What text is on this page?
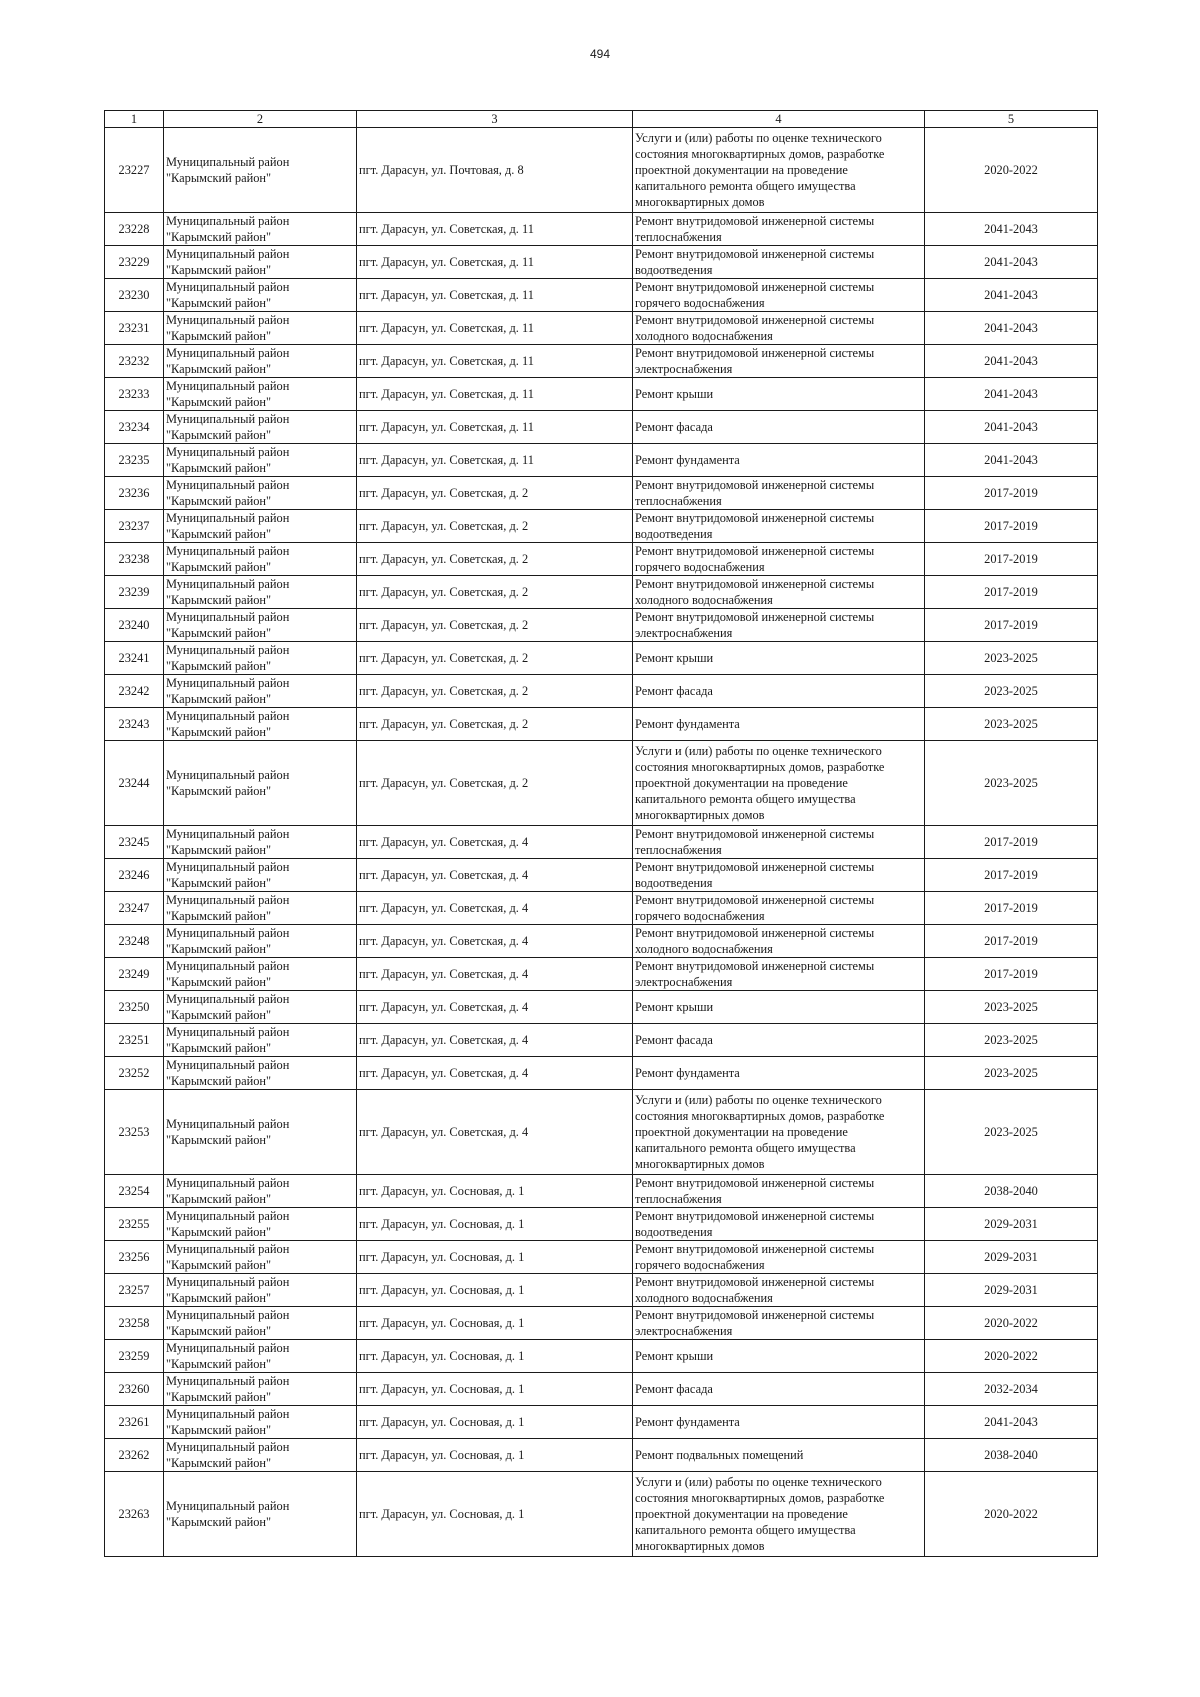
494
1	2	3	4	5
23227	Муниципальный район "Карымский район"	пгт. Дарасун, ул. Почтовая, д. 8	Услуги и (или) работы по оценке технического состояния многоквартирных домов, разработке проектной документации на проведение капитального ремонта общего имущества многоквартирных домов	2020-2022
23228	Муниципальный район "Карымский район"	пгт. Дарасун, ул. Советская, д. 11	Ремонт внутридомовой инженерной системы теплоснабжения	2041-2043
23229	Муниципальный район "Карымский район"	пгт. Дарасун, ул. Советская, д. 11	Ремонт внутридомовой инженерной системы водоотведения	2041-2043
23230	Муниципальный район "Карымский район"	пгт. Дарасун, ул. Советская, д. 11	Ремонт внутридомовой инженерной системы горячего водоснабжения	2041-2043
23231	Муниципальный район "Карымский район"	пгт. Дарасун, ул. Советская, д. 11	Ремонт внутридомовой инженерной системы холодного водоснабжения	2041-2043
23232	Муниципальный район "Карымский район"	пгт. Дарасун, ул. Советская, д. 11	Ремонт внутридомовой инженерной системы электроснабжения	2041-2043
23233	Муниципальный район "Карымский район"	пгт. Дарасун, ул. Советская, д. 11	Ремонт крыши	2041-2043
23234	Муниципальный район "Карымский район"	пгт. Дарасун, ул. Советская, д. 11	Ремонт фасада	2041-2043
23235	Муниципальный район "Карымский район"	пгт. Дарасун, ул. Советская, д. 11	Ремонт фундамента	2041-2043
23236	Муниципальный район "Карымский район"	пгт. Дарасун, ул. Советская, д. 2	Ремонт внутридомовой инженерной системы теплоснабжения	2017-2019
23237	Муниципальный район "Карымский район"	пгт. Дарасун, ул. Советская, д. 2	Ремонт внутридомовой инженерной системы водоотведения	2017-2019
23238	Муниципальный район "Карымский район"	пгт. Дарасун, ул. Советская, д. 2	Ремонт внутридомовой инженерной системы горячего водоснабжения	2017-2019
23239	Муниципальный район "Карымский район"	пгт. Дарасун, ул. Советская, д. 2	Ремонт внутридомовой инженерной системы холодного водоснабжения	2017-2019
23240	Муниципальный район "Карымский район"	пгт. Дарасун, ул. Советская, д. 2	Ремонт внутридомовой инженерной системы электроснабжения	2017-2019
23241	Муниципальный район "Карымский район"	пгт. Дарасун, ул. Советская, д. 2	Ремонт крыши	2023-2025
23242	Муниципальный район "Карымский район"	пгт. Дарасун, ул. Советская, д. 2	Ремонт фасада	2023-2025
23243	Муниципальный район "Карымский район"	пгт. Дарасун, ул. Советская, д. 2	Ремонт фундамента	2023-2025
23244	Муниципальный район "Карымский район"	пгт. Дарасун, ул. Советская, д. 2	Услуги и (или) работы по оценке технического состояния многоквартирных домов, разработке проектной документации на проведение капитального ремонта общего имущества многоквартирных домов	2023-2025
23245	Муниципальный район "Карымский район"	пгт. Дарасун, ул. Советская, д. 4	Ремонт внутридомовой инженерной системы теплоснабжения	2017-2019
23246	Муниципальный район "Карымский район"	пгт. Дарасун, ул. Советская, д. 4	Ремонт внутридомовой инженерной системы водоотведения	2017-2019
23247	Муниципальный район "Карымский район"	пгт. Дарасун, ул. Советская, д. 4	Ремонт внутридомовой инженерной системы горячего водоснабжения	2017-2019
23248	Муниципальный район "Карымский район"	пгт. Дарасун, ул. Советская, д. 4	Ремонт внутридомовой инженерной системы холодного водоснабжения	2017-2019
23249	Муниципальный район "Карымский район"	пгт. Дарасун, ул. Советская, д. 4	Ремонт внутридомовой инженерной системы электроснабжения	2017-2019
23250	Муниципальный район "Карымский район"	пгт. Дарасун, ул. Советская, д. 4	Ремонт крыши	2023-2025
23251	Муниципальный район "Карымский район"	пгт. Дарасун, ул. Советская, д. 4	Ремонт фасада	2023-2025
23252	Муниципальный район "Карымский район"	пгт. Дарасун, ул. Советская, д. 4	Ремонт фундамента	2023-2025
23253	Муниципальный район "Карымский район"	пгт. Дарасун, ул. Советская, д. 4	Услуги и (или) работы по оценке технического состояния многоквартирных домов, разработке проектной документации на проведение капитального ремонта общего имущества многоквартирных домов	2023-2025
23254	Муниципальный район "Карымский район"	пгт. Дарасун, ул. Сосновая, д. 1	Ремонт внутридомовой инженерной системы теплоснабжения	2038-2040
23255	Муниципальный район "Карымский район"	пгт. Дарасун, ул. Сосновая, д. 1	Ремонт внутридомовой инженерной системы водоотведения	2029-2031
23256	Муниципальный район "Карымский район"	пгт. Дарасун, ул. Сосновая, д. 1	Ремонт внутридомовой инженерной системы горячего водоснабжения	2029-2031
23257	Муниципальный район "Карымский район"	пгт. Дарасун, ул. Сосновая, д. 1	Ремонт внутридомовой инженерной системы холодного водоснабжения	2029-2031
23258	Муниципальный район "Карымский район"	пгт. Дарасун, ул. Сосновая, д. 1	Ремонт внутридомовой инженерной системы электроснабжения	2020-2022
23259	Муниципальный район "Карымский район"	пгт. Дарасун, ул. Сосновая, д. 1	Ремонт крыши	2020-2022
23260	Муниципальный район "Карымский район"	пгт. Дарасун, ул. Сосновая, д. 1	Ремонт фасада	2032-2034
23261	Муниципальный район "Карымский район"	пгт. Дарасун, ул. Сосновая, д. 1	Ремонт фундамента	2041-2043
23262	Муниципальный район "Карымский район"	пгт. Дарасун, ул. Сосновая, д. 1	Ремонт подвальных помещений	2038-2040
23263	Муниципальный район "Карымский район"	пгт. Дарасун, ул. Сосновая, д. 1	Услуги и (или) работы по оценке технического состояния многоквартирных домов, разработке проектной документации на проведение капитального ремонта общего имущества многоквартирных домов	2020-2022
